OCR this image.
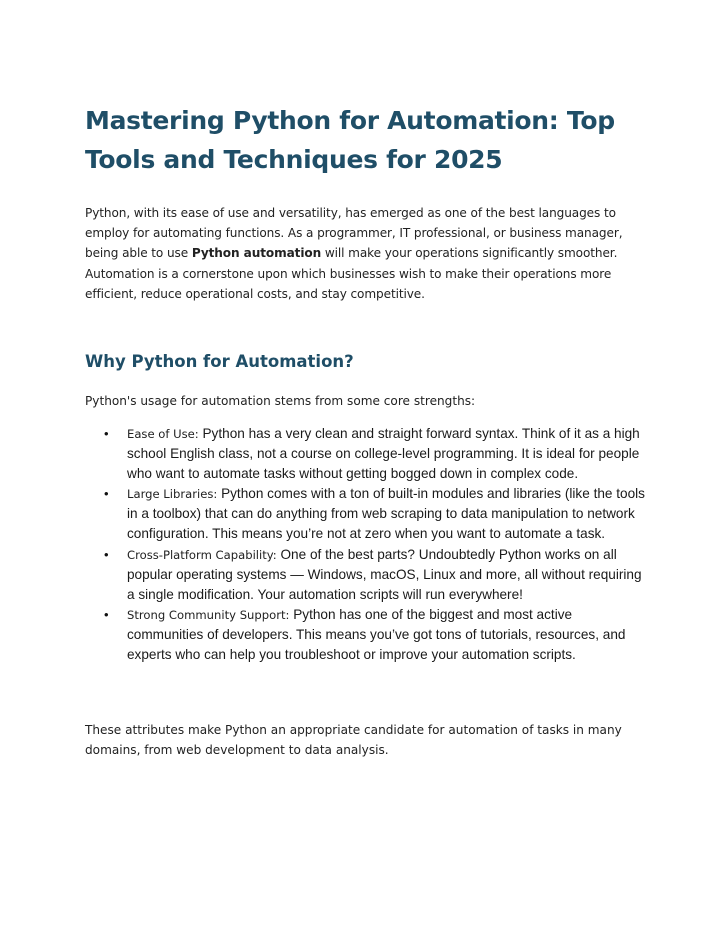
Mastering Python for Automation: Top
Tools and Techniques for 2025

Python, with its ease of use and versatility, has emerged as one of the best languages to employ for automating functions. As a programmer, IT professional, or business manager, being able to use Python automation will make your operations significantly smoother. Automation is a cornerstone upon which businesses wish to make their operations more efficient, reduce operational costs, and stay competitive.

Why Python for Automation?

Python's usage for automation stems from some core strengths:

• Ease of Use: Python has a very clean and straight forward syntax. Think of it as a high school English class, not a course on college-level programming. It is ideal for people who want to automate tasks without getting bogged down in complex code.
• Large Libraries: Python comes with a ton of built-in modules and libraries (like the tools in a toolbox) that can do anything from web scraping to data manipulation to network configuration. This means you’re not at zero when you want to automate a task.
• Cross-Platform Capability: One of the best parts? Undoubtedly Python works on all popular operating systems — Windows, macOS, Linux and more, all without requiring a single modification. Your automation scripts will run everywhere!
• Strong Community Support: Python has one of the biggest and most active communities of developers. This means you’ve got tons of tutorials, resources, and experts who can help you troubleshoot or improve your automation scripts.

These attributes make Python an appropriate candidate for automation of tasks in many domains, from web development to data analysis.
